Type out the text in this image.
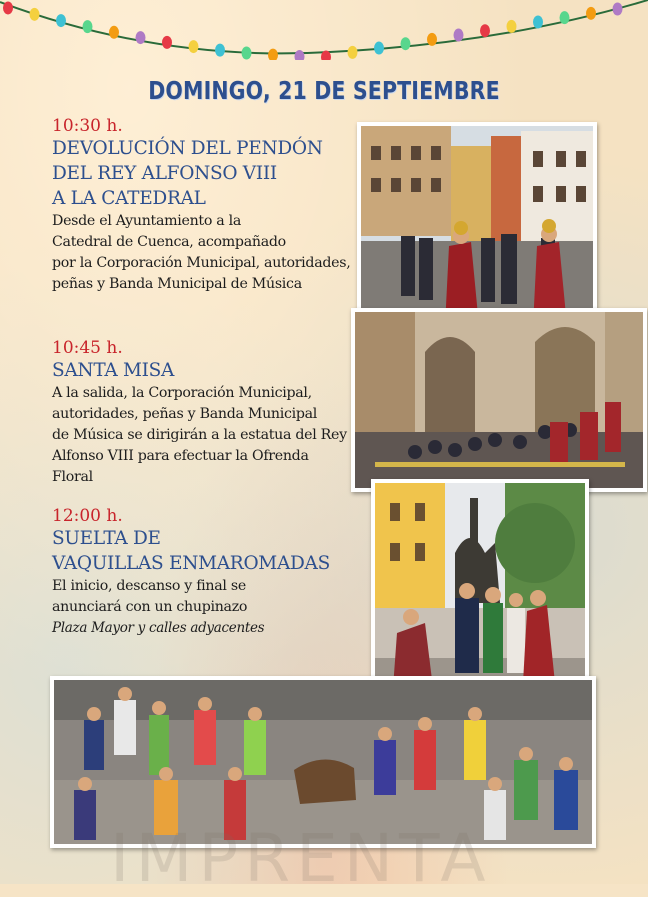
DOMINGO, 21 DE SEPTIEMBRE
10:30 h.
DEVOLUCIÓN DEL PENDÓN
DEL REY ALFONSO VIII
A LA CATEDRAL
Desde el Ayuntamiento a la
Catedral de Cuenca, acompañado
por la Corporación Municipal, autoridades,
peñas y Banda Municipal de Música
10:45 h.
SANTA MISA
A la salida, la Corporación Municipal,
autoridades, peñas y Banda Municipal
de Música se dirigirán a la estatua del Rey
Alfonso VIII para efectuar la Ofrenda Floral
12:00 h.
SUELTA DE
VAQUILLAS ENMAROMADAS
El inicio, descanso y final se
anunciará con un chupinazo
Plaza Mayor y calles adyacentes
IMPRENTA
